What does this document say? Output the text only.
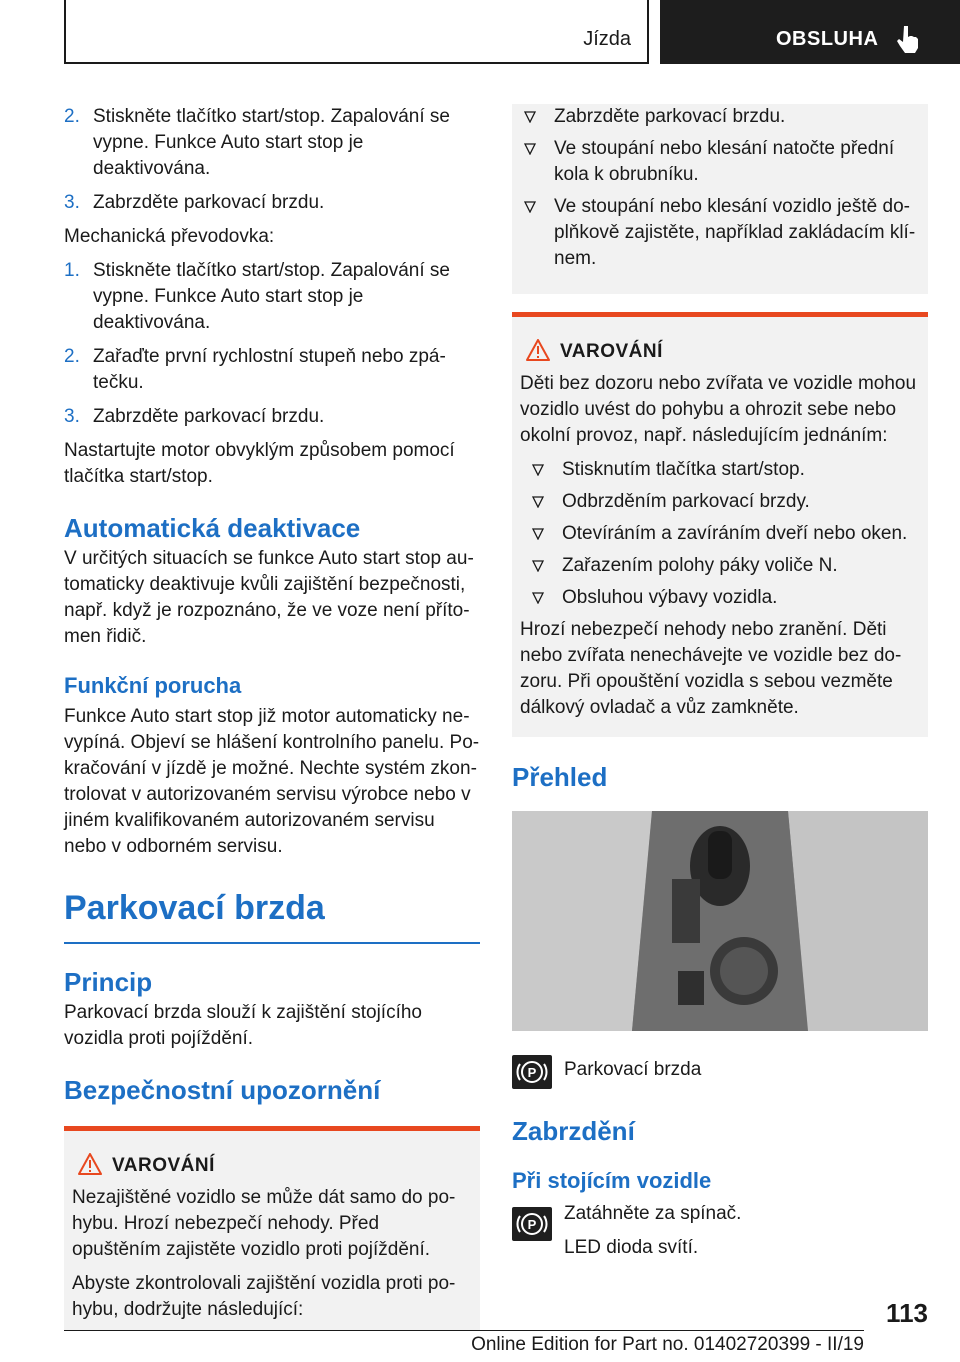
Jízda	OBSLUHA
2. Stiskněte tlačítko start/stop. Zapalování se vypne. Funkce Auto start stop je deaktivována.
3. Zabrzděte parkovací brzdu.
Mechanická převodovka:
1. Stiskněte tlačítko start/stop. Zapalování se vypne. Funkce Auto start stop je deaktivována.
2. Zařaďte první rychlostní stupeň nebo zpátečku.
3. Zabrzděte parkovací brzdu.
Nastartujte motor obvyklým způsobem pomocí tlačítka start/stop.
Automatická deaktivace
V určitých situacích se funkce Auto start stop automaticky deaktivuje kvůli zajištění bezpečnosti, např. když je rozpoznáno, že ve voze není přítomen řidič.
Funkční porucha
Funkce Auto start stop již motor automaticky nevypíná. Objeví se hlášení kontrolního panelu. Pokračování v jízdě je možné. Nechte systém zkontrolovat v autorizovaném servisu výrobce nebo v jiném kvalifikovaném autorizovaném servisu nebo v odborném servisu.
Parkovací brzda
Princip
Parkovací brzda slouží k zajištění stojícího vozidla proti pojíždění.
Bezpečnostní upozornění
VAROVÁNÍ
Nezajištěné vozidlo se může dát samo do pohybu. Hrozí nebezpečí nehody. Před opuštěním zajistěte vozidlo proti pojíždění.
Abyste zkontrolovali zajištění vozidla proti pohybu, dodržujte následující:
Zabrzděte parkovací brzdu.
Ve stoupání nebo klesání natočte přední kola k obrubníku.
Ve stoupání nebo klesání vozidlo ještě doplňkově zajistěte, například zakládacím klínem.
VAROVÁNÍ
Děti bez dozoru nebo zvířata ve vozidle mohou vozidlo uvést do pohybu a ohrozit sebe nebo okolní provoz, např. následujícím jednáním:
Stisknutím tlačítka start/stop.
Odbrzděním parkovací brzdy.
Otevíráním a zavíráním dveří nebo oken.
Zařazením polohy páky voliče N.
Obsluhou výbavy vozidla.
Hrozí nebezpečí nehody nebo zranění. Děti nebo zvířata nenechávejte ve vozidle bez dozoru. Při opouštění vozidla s sebou vezměte dálkový ovladač a vůz zamkněte.
Přehled
P Parkovací brzda
Zabrzdění
Při stojícím vozidle
P
Zatáhněte za spínač.
LED dioda svítí.
113
Online Edition for Part no. 01402720399 - II/19
